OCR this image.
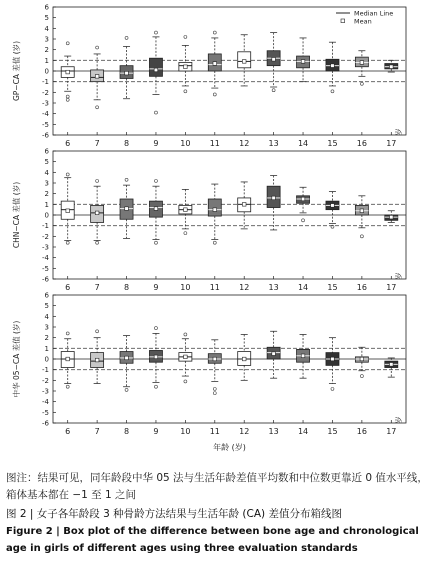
6
5
4
3
2
1
0
-1
-2
-3
-4
-5
-6
GP−CA 差值 (岁)
岁
6	7	8	9	10 11 12 13 14 15 16 17
Median Line
Mean
6
5
4
3
2
1
0
-1
-2
-3
-4
-5
-6
CHN−CA 差值 (岁)
岁
6	7	8	9	10 11 12 13 14 15 16 17
6
5
4
3
2
1
0
-1
-2
-3
-4
-5
-6
中华 05−CA 差值 (岁)
岁
6	7	8	9	10 11 12 13 14 15 16 17
年龄 (岁)

图注：结果可见，同年龄段中华 05 法与生活年龄差值平均数和中位数更靠近 0 值水平线，箱体基本都在 −1 至 1 之间

图 2 | 女子各年龄段 3 种骨龄方法结果与生活年龄 (CA) 差值分布箱线图

Figure 2 | Box plot of the difference between bone age and chronological age in girls of different ages using three evaluation standards
